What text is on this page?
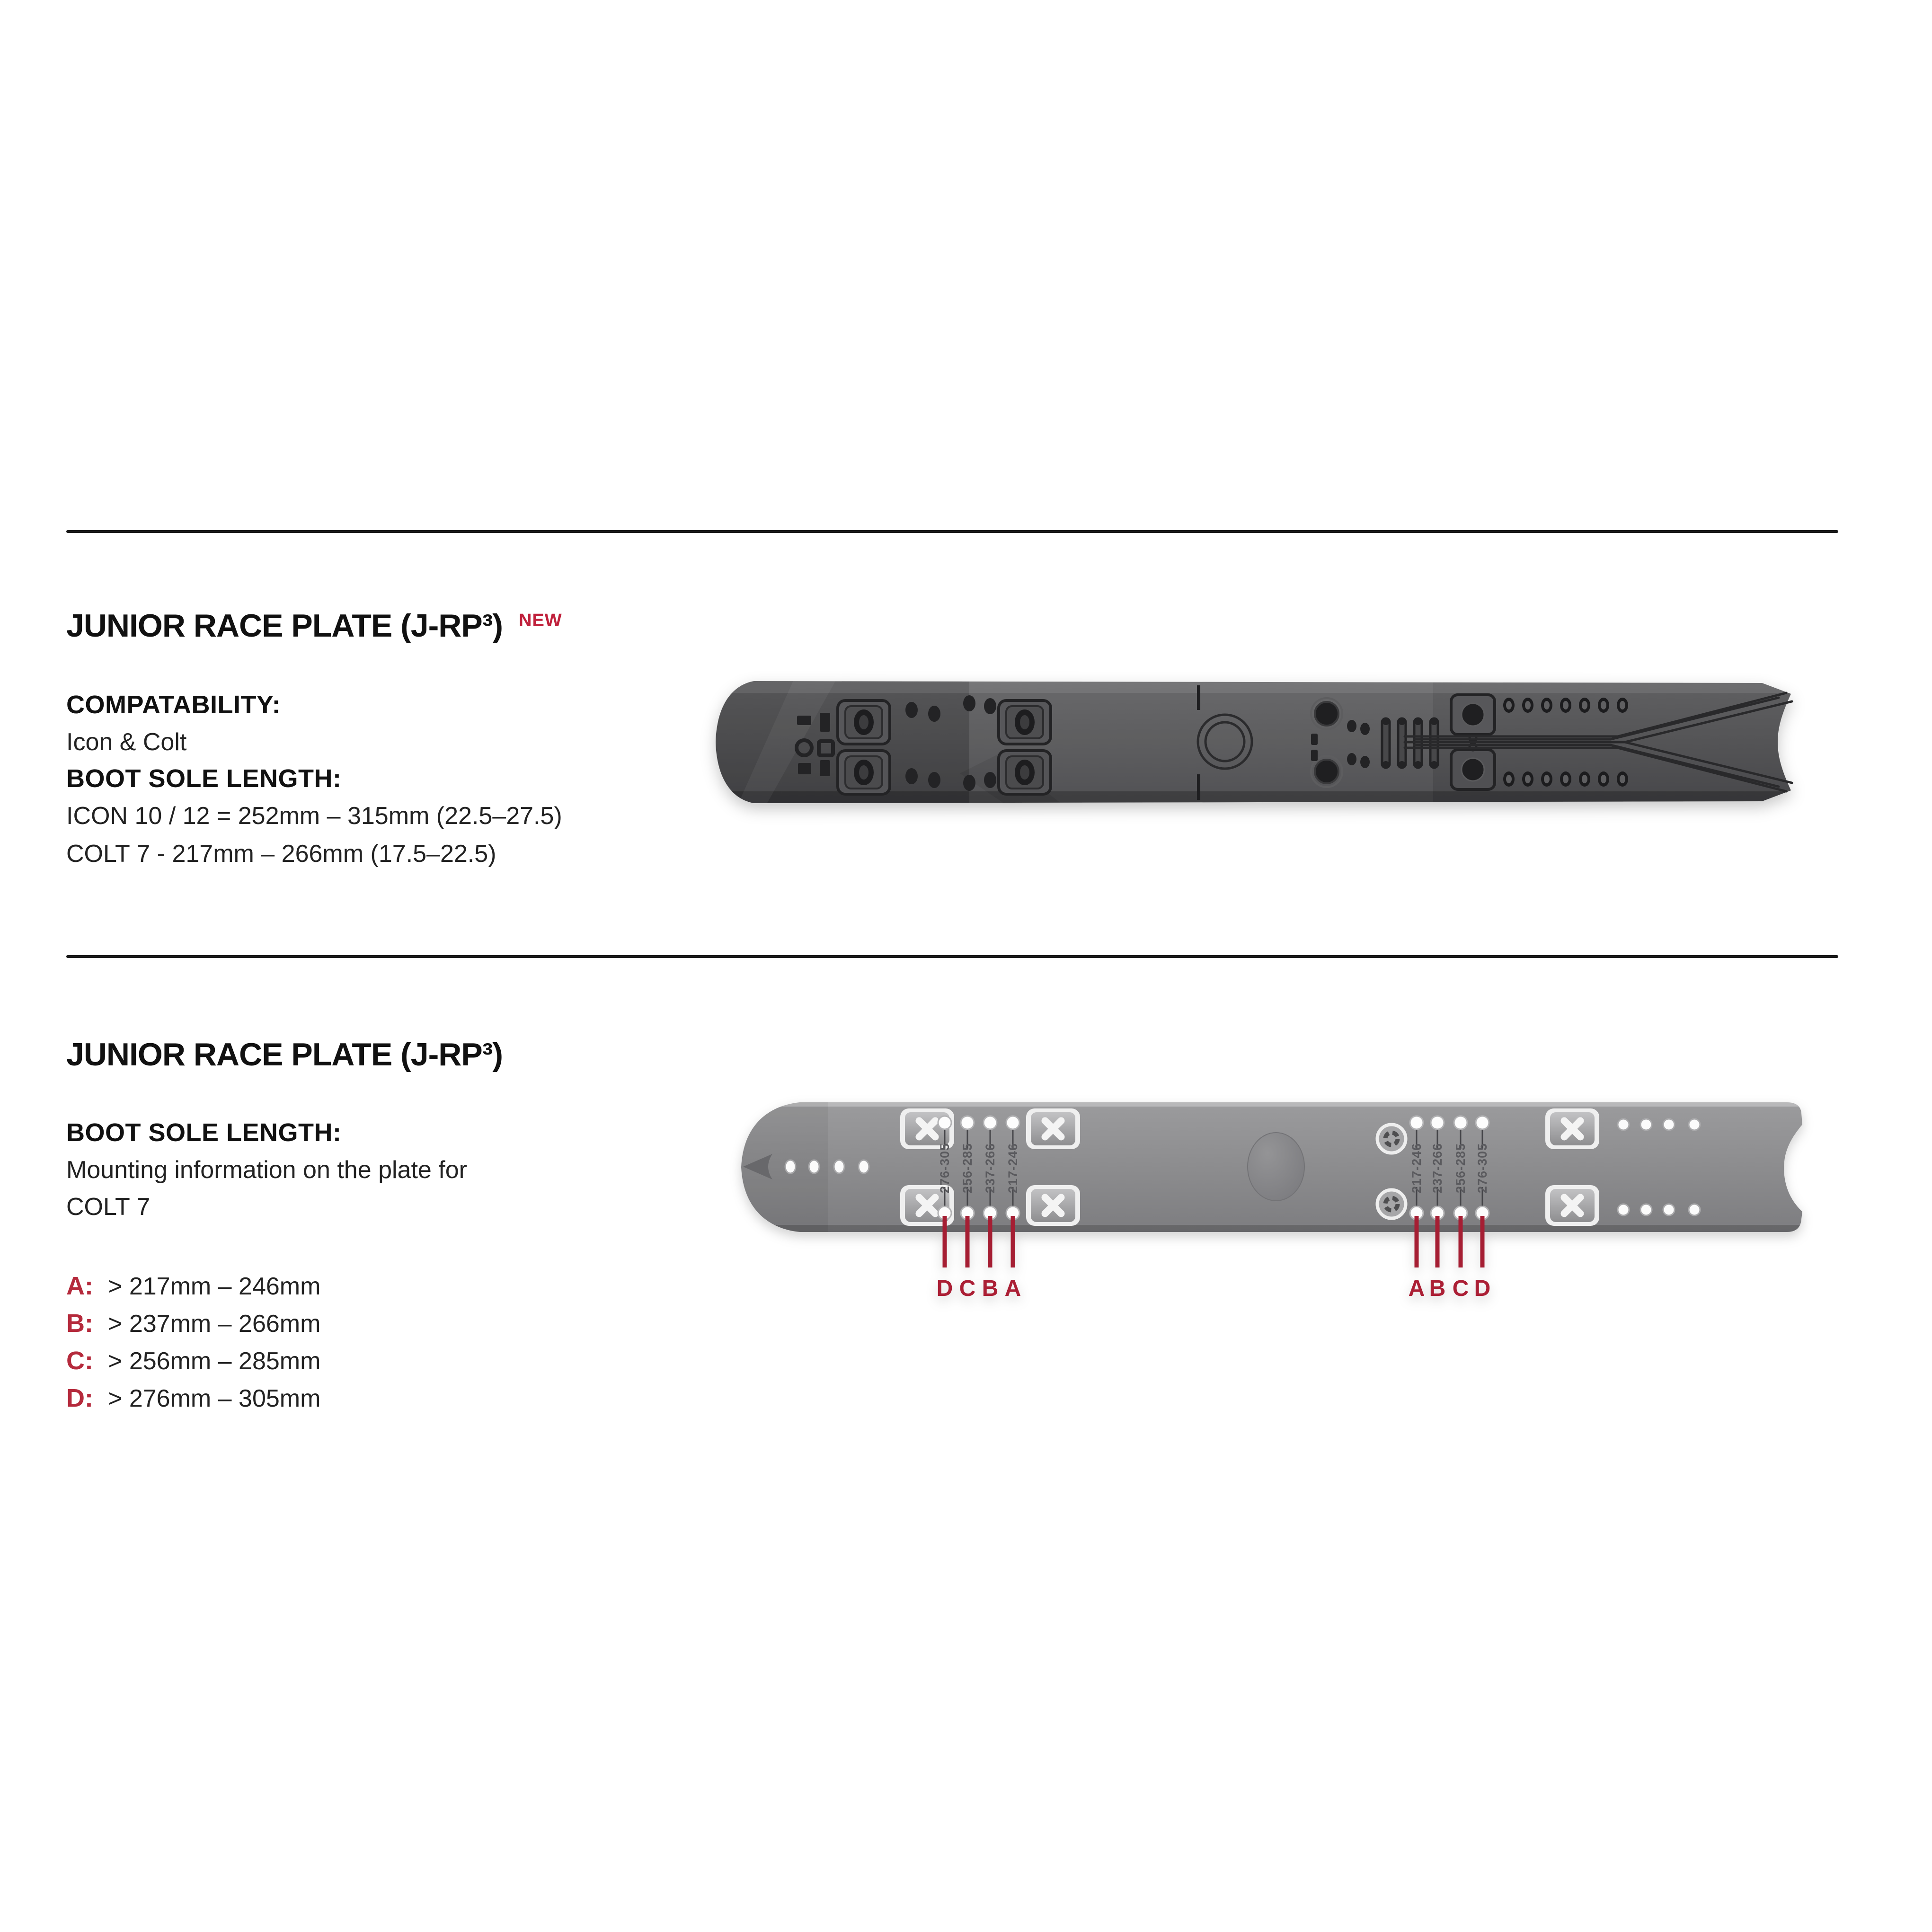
JUNIOR RACE PLATE (J-RP³) NEW
COMPATABILITY:
Icon & Colt
BOOT SOLE LENGTH:
ICON 10 / 12 = 252mm – 315mm (22.5–27.5)
COLT 7 - 217mm – 266mm (17.5–22.5)
JUNIOR RACE PLATE (J-RP³)
BOOT SOLE LENGTH:
Mounting information on the plate for
COLT 7
A: > 217mm – 246mm
B: > 237mm – 266mm
C: > 256mm – 285mm
D: > 276mm – 305mm
276-305 256-285 237-266 217-246
D C B A
217-246 237-266 256-285 276-305
A B C D
